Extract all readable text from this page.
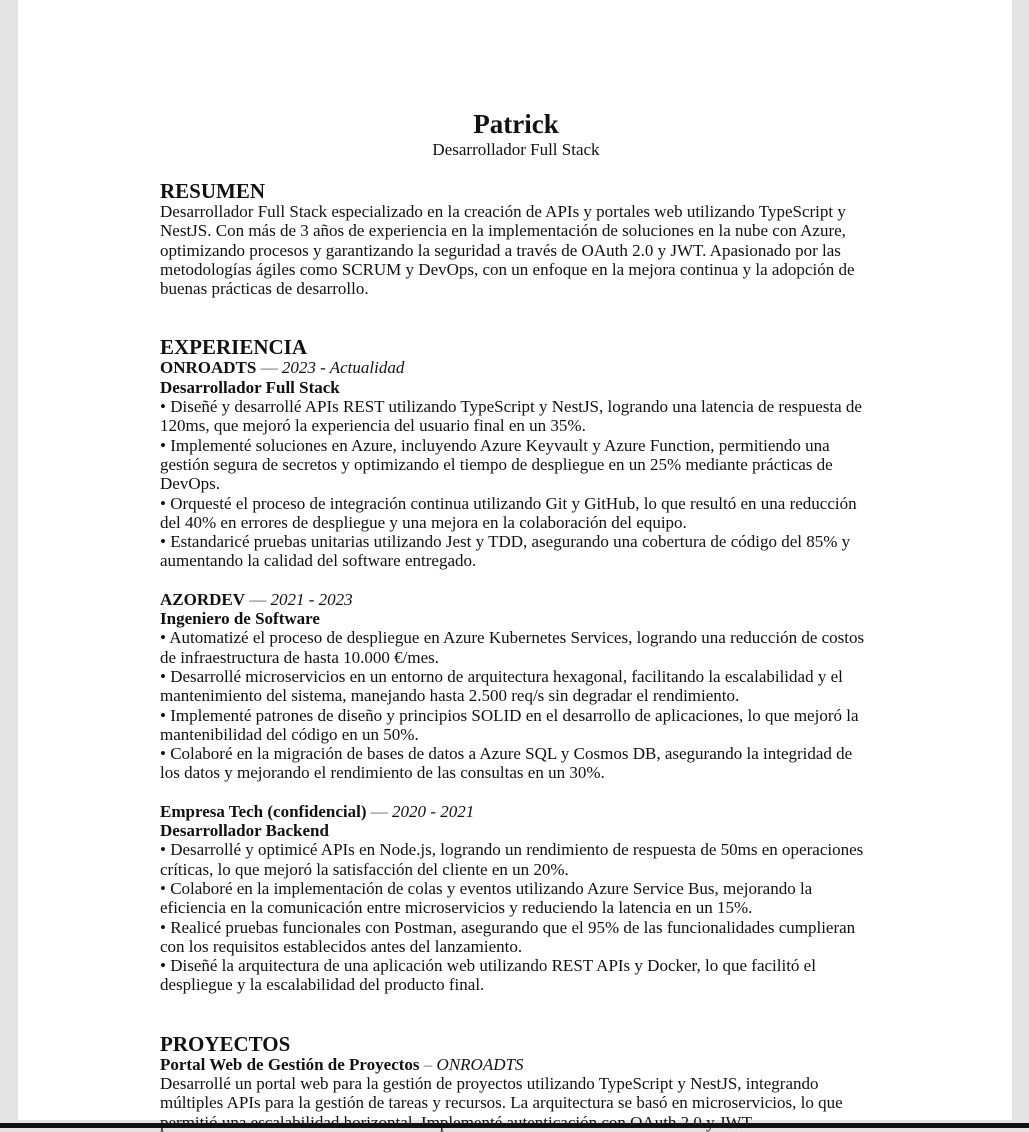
Patrick
Desarrollador Full Stack
RESUMEN

Desarrollador Full Stack especializado en la creación de APIs y portales web utilizando TypeScript y NestJS. Con más de 3 años de experiencia en la implementación de soluciones en la nube con Azure, optimizando procesos y garantizando la seguridad a través de OAuth 2.0 y JWT. Apasionado por las metodologías ágiles como SCRUM y DevOps, con un enfoque en la mejora continua y la adopción de buenas prácticas de desarrollo.

EXPERIENCIA
ONROADTS — 2023 - Actualidad
Desarrollador Full Stack
• Diseñé y desarrollé APIs REST utilizando TypeScript y NestJS, logrando una latencia de respuesta de 120ms, que mejoró la experiencia del usuario final en un 35%.
• Implementé soluciones en Azure, incluyendo Azure Keyvault y Azure Function, permitiendo una gestión segura de secretos y optimizando el tiempo de despliegue en un 25% mediante prácticas de DevOps.
• Orquesté el proceso de integración continua utilizando Git y GitHub, lo que resultó en una reducción del 40% en errores de despliegue y una mejora en la colaboración del equipo.
• Estandaricé pruebas unitarias utilizando Jest y TDD, asegurando una cobertura de código del 85% y aumentando la calidad del software entregado.
AZORDEV — 2021 - 2023
Ingeniero de Software
• Automatizé el proceso de despliegue en Azure Kubernetes Services, logrando una reducción de costos de infraestructura de hasta 10.000 €/mes.
• Desarrollé microservicios en un entorno de arquitectura hexagonal, facilitando la escalabilidad y el mantenimiento del sistema, manejando hasta 2.500 req/s sin degradar el rendimiento.
• Implementé patrones de diseño y principios SOLID en el desarrollo de aplicaciones, lo que mejoró la mantenibilidad del código en un 50%.
• Colaboré en la migración de bases de datos a Azure SQL y Cosmos DB, asegurando la integridad de los datos y mejorando el rendimiento de las consultas en un 30%.
Empresa Tech (confidencial) — 2020 - 2021
Desarrollador Backend
• Desarrollé y optimicé APIs en Node.js, logrando un rendimiento de respuesta de 50ms en operaciones críticas, lo que mejoró la satisfacción del cliente en un 20%.
• Colaboré en la implementación de colas y eventos utilizando Azure Service Bus, mejorando la eficiencia en la comunicación entre microservicios y reduciendo la latencia en un 15%.
• Realicé pruebas funcionales con Postman, asegurando que el 95% de las funcionalidades cumplieran con los requisitos establecidos antes del lanzamiento.
• Diseñé la arquitectura de una aplicación web utilizando REST APIs y Docker, lo que facilitó el despliegue y la escalabilidad del producto final.
PROYECTOS
Portal Web de Gestión de Proyectos – ONROADTS

Desarrollé un portal web para la gestión de proyectos utilizando TypeScript y NestJS, integrando múltiples APIs para la gestión de tareas y recursos. La arquitectura se basó en microservicios, lo que
